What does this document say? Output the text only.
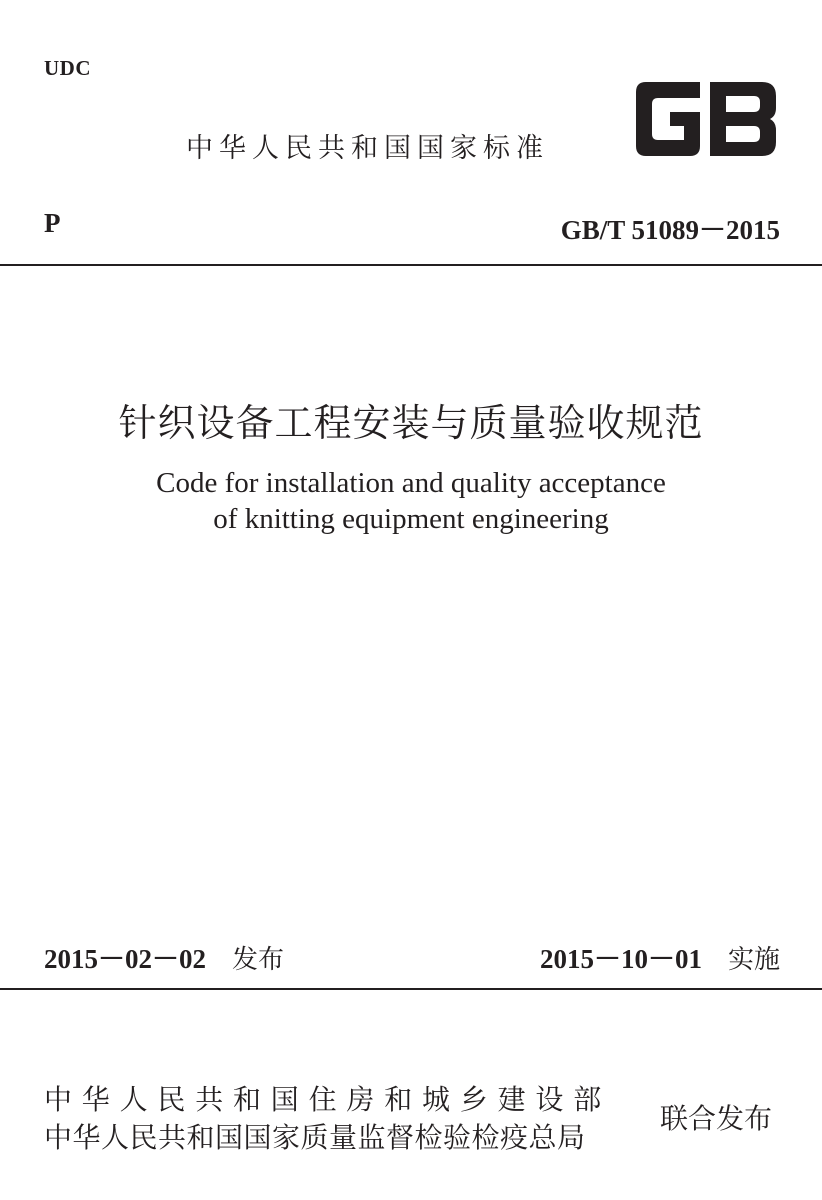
UDC
中华人民共和国国家标准
P	GB/T 51089－2015
针织设备工程安装与质量验收规范
Code for installation and quality acceptance
of knitting equipment engineering
2015－02－02 发布	2015－10－01 实施
中华人民共和国住房和城乡建设部
中华人民共和国国家质量监督检验检疫总局
联合发布
